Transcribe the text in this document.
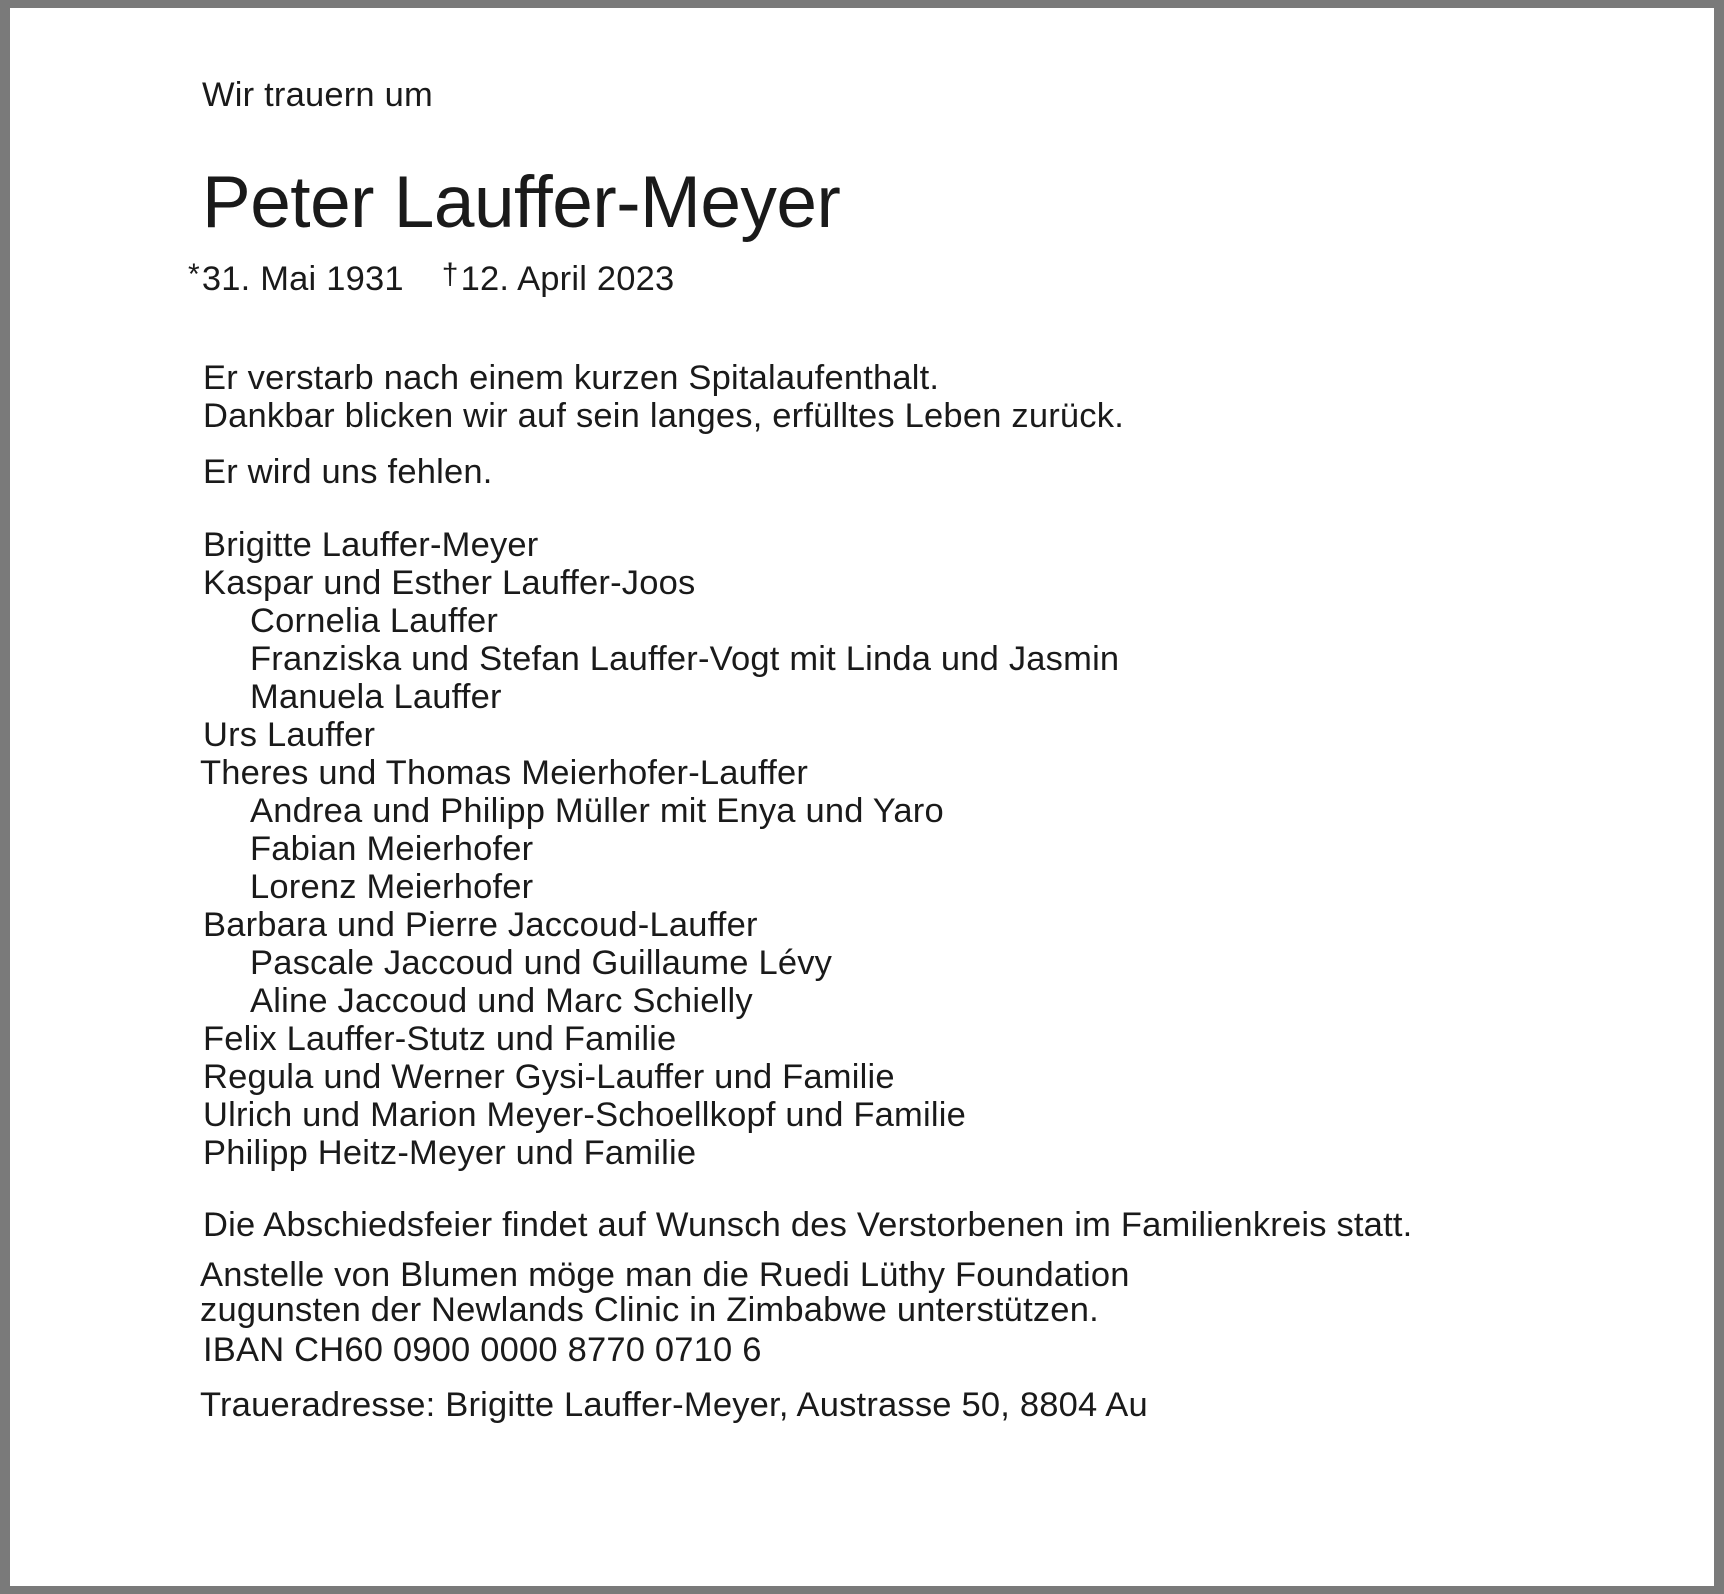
Wir trauern um
Peter Lauffer-Meyer
*31. Mai 1931 †12. April 2023
Er verstarb nach einem kurzen Spitalaufenthalt.
Dankbar blicken wir auf sein langes, erfülltes Leben zurück.
Er wird uns fehlen.
Brigitte Lauffer-Meyer
Kaspar und Esther Lauffer-Joos
Cornelia Lauffer
Franziska und Stefan Lauffer-Vogt mit Linda und Jasmin
Manuela Lauffer
Urs Lauffer
Theres und Thomas Meierhofer-Lauffer
Andrea und Philipp Müller mit Enya und Yaro
Fabian Meierhofer
Lorenz Meierhofer
Barbara und Pierre Jaccoud-Lauffer
Pascale Jaccoud und Guillaume Lévy
Aline Jaccoud und Marc Schielly
Felix Lauffer-Stutz und Familie
Regula und Werner Gysi-Lauffer und Familie
Ulrich und Marion Meyer-Schoellkopf und Familie
Philipp Heitz-Meyer und Familie
Die Abschiedsfeier findet auf Wunsch des Verstorbenen im Familienkreis statt.
Anstelle von Blumen möge man die Ruedi Lüthy Foundation
zugunsten der Newlands Clinic in Zimbabwe unterstützen.
IBAN CH60 0900 0000 8770 0710 6
Traueradresse: Brigitte Lauffer-Meyer, Austrasse 50, 8804 Au
